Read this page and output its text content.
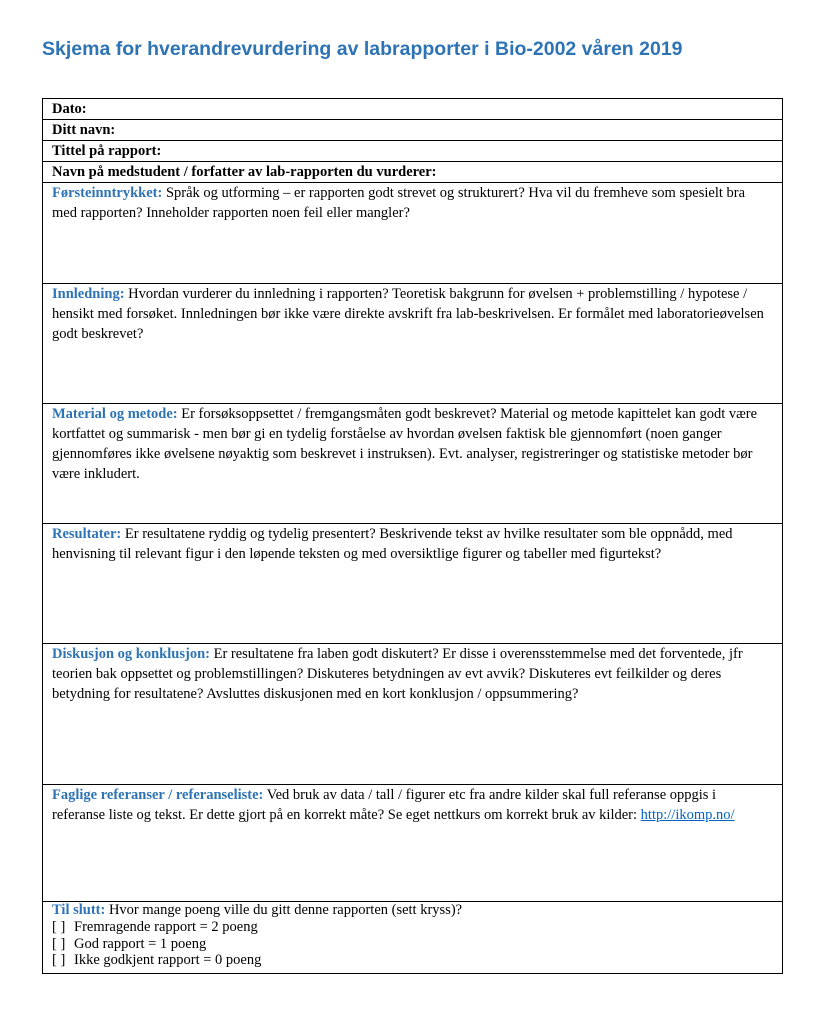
Skjema for hverandrevurdering av labrapporter i Bio-2002 våren 2019
Dato:
Ditt navn:
Tittel på rapport:
Navn på medstudent / forfatter av lab-rapporten du vurderer:
Førsteinntrykket: Språk og utforming – er rapporten godt strevet og strukturert? Hva vil du fremheve som spesielt bra med rapporten? Inneholder rapporten noen feil eller mangler?
Innledning: Hvordan vurderer du innledning i rapporten? Teoretisk bakgrunn for øvelsen + problemstilling / hypotese / hensikt med forsøket. Innledningen bør ikke være direkte avskrift fra lab-beskrivelsen. Er formålet med laboratorieøvelsen godt beskrevet?
Material og metode: Er forsøksoppsettet / fremgangsmåten godt beskrevet? Material og metode kapittelet kan godt være kortfattet og summarisk - men bør gi en tydelig forståelse av hvordan øvelsen faktisk ble gjennomført (noen ganger gjennomføres ikke øvelsene nøyaktig som beskrevet i instruksen). Evt. analyser, registreringer og statistiske metoder bør være inkludert.
Resultater: Er resultatene ryddig og tydelig presentert? Beskrivende tekst av hvilke resultater som ble oppnådd, med henvisning til relevant figur i den løpende teksten og med oversiktlige figurer og tabeller med figurtekst?
Diskusjon og konklusjon: Er resultatene fra laben godt diskutert? Er disse i overensstemmelse med det forventede, jfr teorien bak oppsettet og problemstillingen? Diskuteres betydningen av evt avvik? Diskuteres evt feilkilder og deres betydning for resultatene? Avsluttes diskusjonen med en kort konklusjon / oppsummering?
Faglige referanser / referanseliste: Ved bruk av data / tall / figurer etc fra andre kilder skal full referanse oppgis i referanse liste og tekst. Er dette gjort på en korrekt måte? Se eget nettkurs om korrekt bruk av kilder: http://ikomp.no/
Til slutt: Hvor mange poeng ville du gitt denne rapporten (sett kryss)?
[ ] Fremragende rapport = 2 poeng
[ ] God rapport = 1 poeng
[ ] Ikke godkjent rapport = 0 poeng
